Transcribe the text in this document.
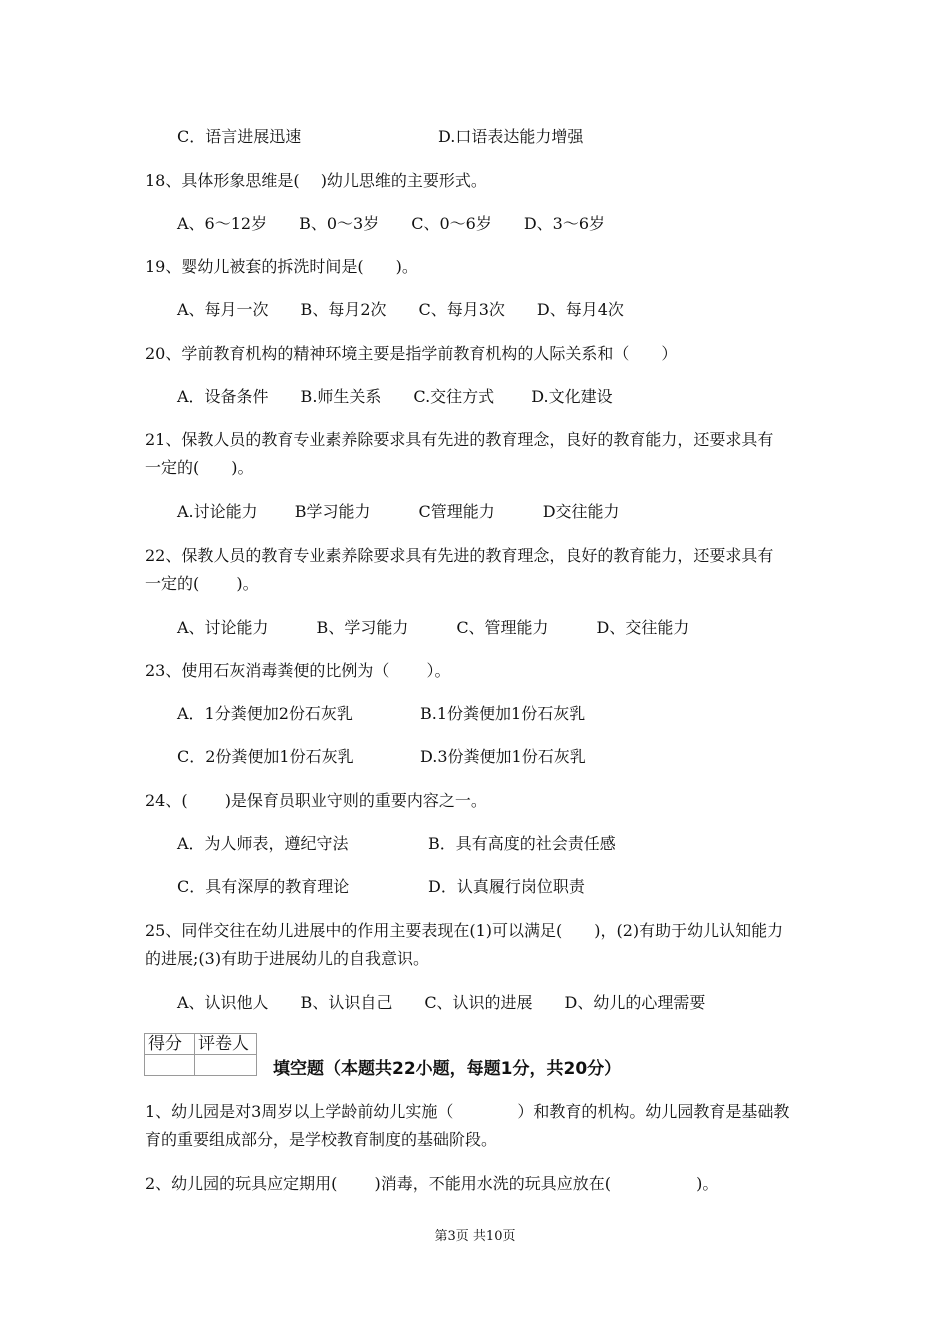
C．语言进展迅速	D.口语表达能力增强
18、具体形象思维是(　 )幼儿思维的主要形式。
A、6～12岁　　B、0～3岁　　C、0～6岁　　D、3～6岁
19、婴幼儿被套的拆洗时间是(　　)。
A、每月一次　　B、每月2次　　C、每月3次　　D、每月4次
20、学前教育机构的精神环境主要是指学前教育机构的人际关系和（　　）
A．设备条件　　B.师生关系　　C.交往方式　　 D.文化建设
21、保教人员的教育专业素养除要求具有先进的教育理念，良好的教育能力，还要求具有
一定的(　　)。
A.讨论能力　　 B学习能力　　　C管理能力　　　D交往能力
22、保教人员的教育专业素养除要求具有先进的教育理念，良好的教育能力，还要求具有
一定的(　　 )。
A、讨论能力　　　B、学习能力　　　C、管理能力　　　D、交往能力
23、使用石灰消毒粪便的比例为（　　 ）。
A．1分粪便加2份石灰乳	B.1份粪便加1份石灰乳
C．2份粪便加1份石灰乳	D.3份粪便加1份石灰乳
24、(　　 )是保育员职业守则的重要内容之一。
A．为人师表，遵纪守法	B．具有高度的社会责任感
C．具有深厚的教育理论	D．认真履行岗位职责
25、同伴交往在幼儿进展中的作用主要表现在(1)可以满足(　　)，(2)有助于幼儿认知能力
的进展;(3)有助于进展幼儿的自我意识。
A、认识他人　　B、认识自己　　C、认识的进展　　D、幼儿的心理需要
得分	评卷人

填空题（本题共22小题，每题1分，共20分）
1、幼儿园是对3周岁以上学龄前幼儿实施（　　　　）和教育的机构。幼儿园教育是基础教
育的重要组成部分，是学校教育制度的基础阶段。
2、幼儿园的玩具应定期用(　　 )消毒，不能用水洗的玩具应放在(　　　　　 )。
第3页 共10页
